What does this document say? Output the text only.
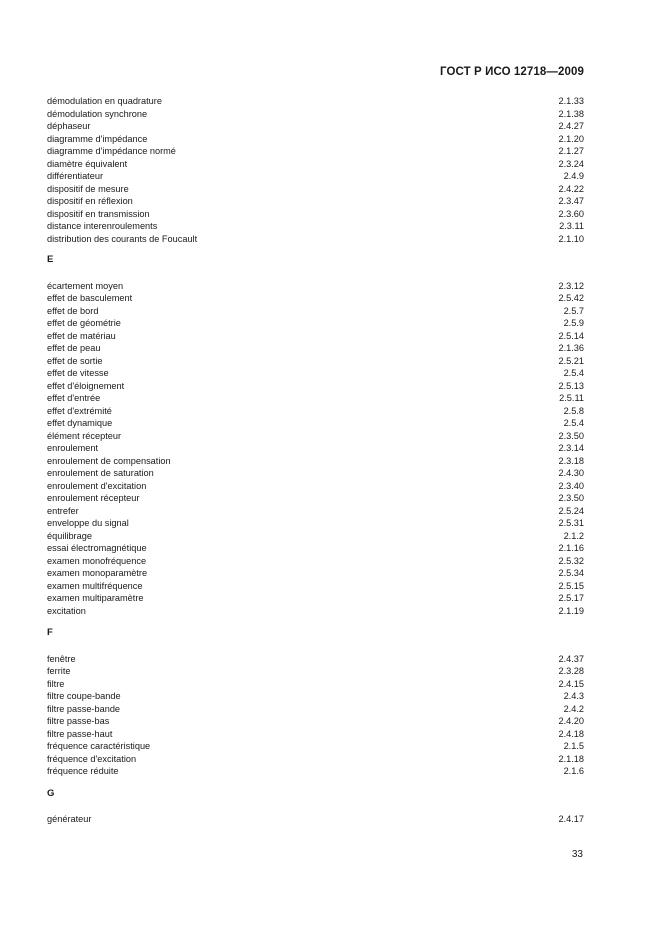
ГОСТ Р ИСО 12718—2009
démodulation en quadrature	2.1.33
démodulation synchrone	2.1.38
déphaseur	2.4.27
diagramme d'impédance	2.1.20
diagramme d'impédance normé	2.1.27
diamètre équivalent	2.3.24
différentiateur	2.4.9
dispositif de mesure	2.4.22
dispositif en réflexion	2.3.47
dispositif en transmission	2.3.60
distance interenroulements	2.3.11
distribution des courants de Foucault	2.1.10
E
écartement moyen	2.3.12
effet de basculement	2.5.42
effet de bord	2.5.7
effet de géométrie	2.5.9
effet de matériau	2.5.14
effet de peau	2.1.36
effet de sortie	2.5.21
effet de vitesse	2.5.4
effet d'éloignement	2.5.13
effet d'entrée	2.5.11
effet d'extrémité	2.5.8
effet dynamique	2.5.4
élément récepteur	2.3.50
enroulement	2.3.14
enroulement de compensation	2.3.18
enroulement de saturation	2.4.30
enroulement d'excitation	2.3.40
enroulement récepteur	2.3.50
entrefer	2.5.24
enveloppe du signal	2.5.31
équilibrage	2.1.2
essai électromagnétique	2.1.16
examen monofréquence	2.5.32
examen monoparamètre	2.5.34
examen multifréquence	2.5.15
examen multiparamètre	2.5.17
excitation	2.1.19
F
fenêtre	2.4.37
ferrite	2.3.28
filtre	2.4.15
filtre coupe-bande	2.4.3
filtre passe-bande	2.4.2
filtre passe-bas	2.4.20
filtre passe-haut	2.4.18
fréquence caractéristique	2.1.5
fréquence d'excitation	2.1.18
fréquence réduite	2.1.6
G
générateur	2.4.17
33
